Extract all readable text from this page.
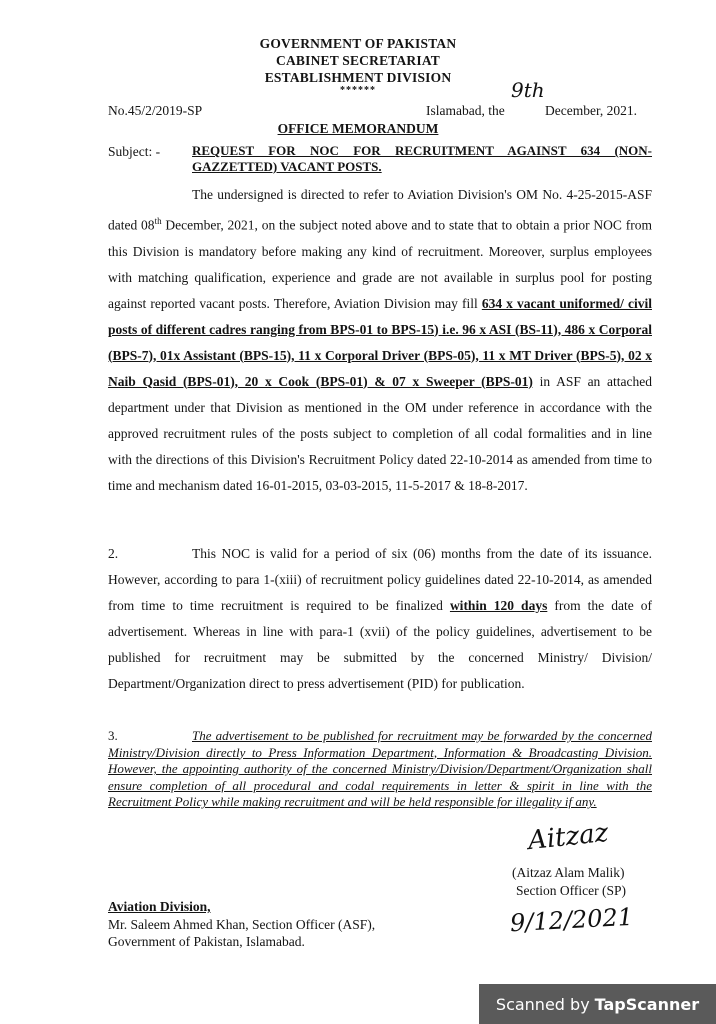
GOVERNMENT OF PAKISTAN
CABINET SECRETARIAT
ESTABLISHMENT DIVISION
******
No.45/2/2019-SP	Islamabad, the
9th
December, 2021.
OFFICE MEMORANDUM
Subject: - REQUEST FOR NOC FOR RECRUITMENT AGAINST 634 (NON-GAZZETTED) VACANT POSTS.
The undersigned is directed to refer to Aviation Division's OM No. 4-25-2015-ASF dated 08th December, 2021, on the subject noted above and to state that to obtain a prior NOC from this Division is mandatory before making any kind of recruitment. Moreover, surplus employees with matching qualification, experience and grade are not available in surplus pool for posting against reported vacant posts. Therefore, Aviation Division may fill 634 x vacant uniformed/ civil posts of different cadres ranging from BPS-01 to BPS-15) i.e. 96 x ASI (BS-11), 486 x Corporal (BPS-7), 01x Assistant (BPS-15), 11 x Corporal Driver (BPS-05), 11 x MT Driver (BPS-5), 02 x Naib Qasid (BPS-01), 20 x Cook (BPS-01) & 07 x Sweeper (BPS-01) in ASF an attached department under that Division as mentioned in the OM under reference in accordance with the approved recruitment rules of the posts subject to completion of all codal formalities and in line with the directions of this Division's Recruitment Policy dated 22-10-2014 as amended from time to time and mechanism dated 16-01-2015, 03-03-2015, 11-5-2017 & 18-8-2017.
2.	This NOC is valid for a period of six (06) months from the date of its issuance. However, according to para 1-(xiii) of recruitment policy guidelines dated 22-10-2014, as amended from time to time recruitment is required to be finalized within 120 days from the date of advertisement. Whereas in line with para-1 (xvii) of the policy guidelines, advertisement to be published for recruitment may be submitted by the concerned Ministry/ Division/ Department/Organization direct to press advertisement (PID) for publication.
3.	The advertisement to be published for recruitment may be forwarded by the concerned Ministry/Division directly to Press Information Department, Information & Broadcasting Division. However, the appointing authority of the concerned Ministry/Division/Department/Organization shall ensure completion of all procedural and codal requirements in letter & spirit in line with the Recruitment Policy while making recruitment and will be held responsible for illegality if any.
Aitzaz
(Aitzaz Alam Malik)
Section Officer (SP)
9/12/2021
Aviation Division,
Mr. Saleem Ahmed Khan, Section Officer (ASF),
Government of Pakistan, Islamabad.
Scanned by TapScanner
